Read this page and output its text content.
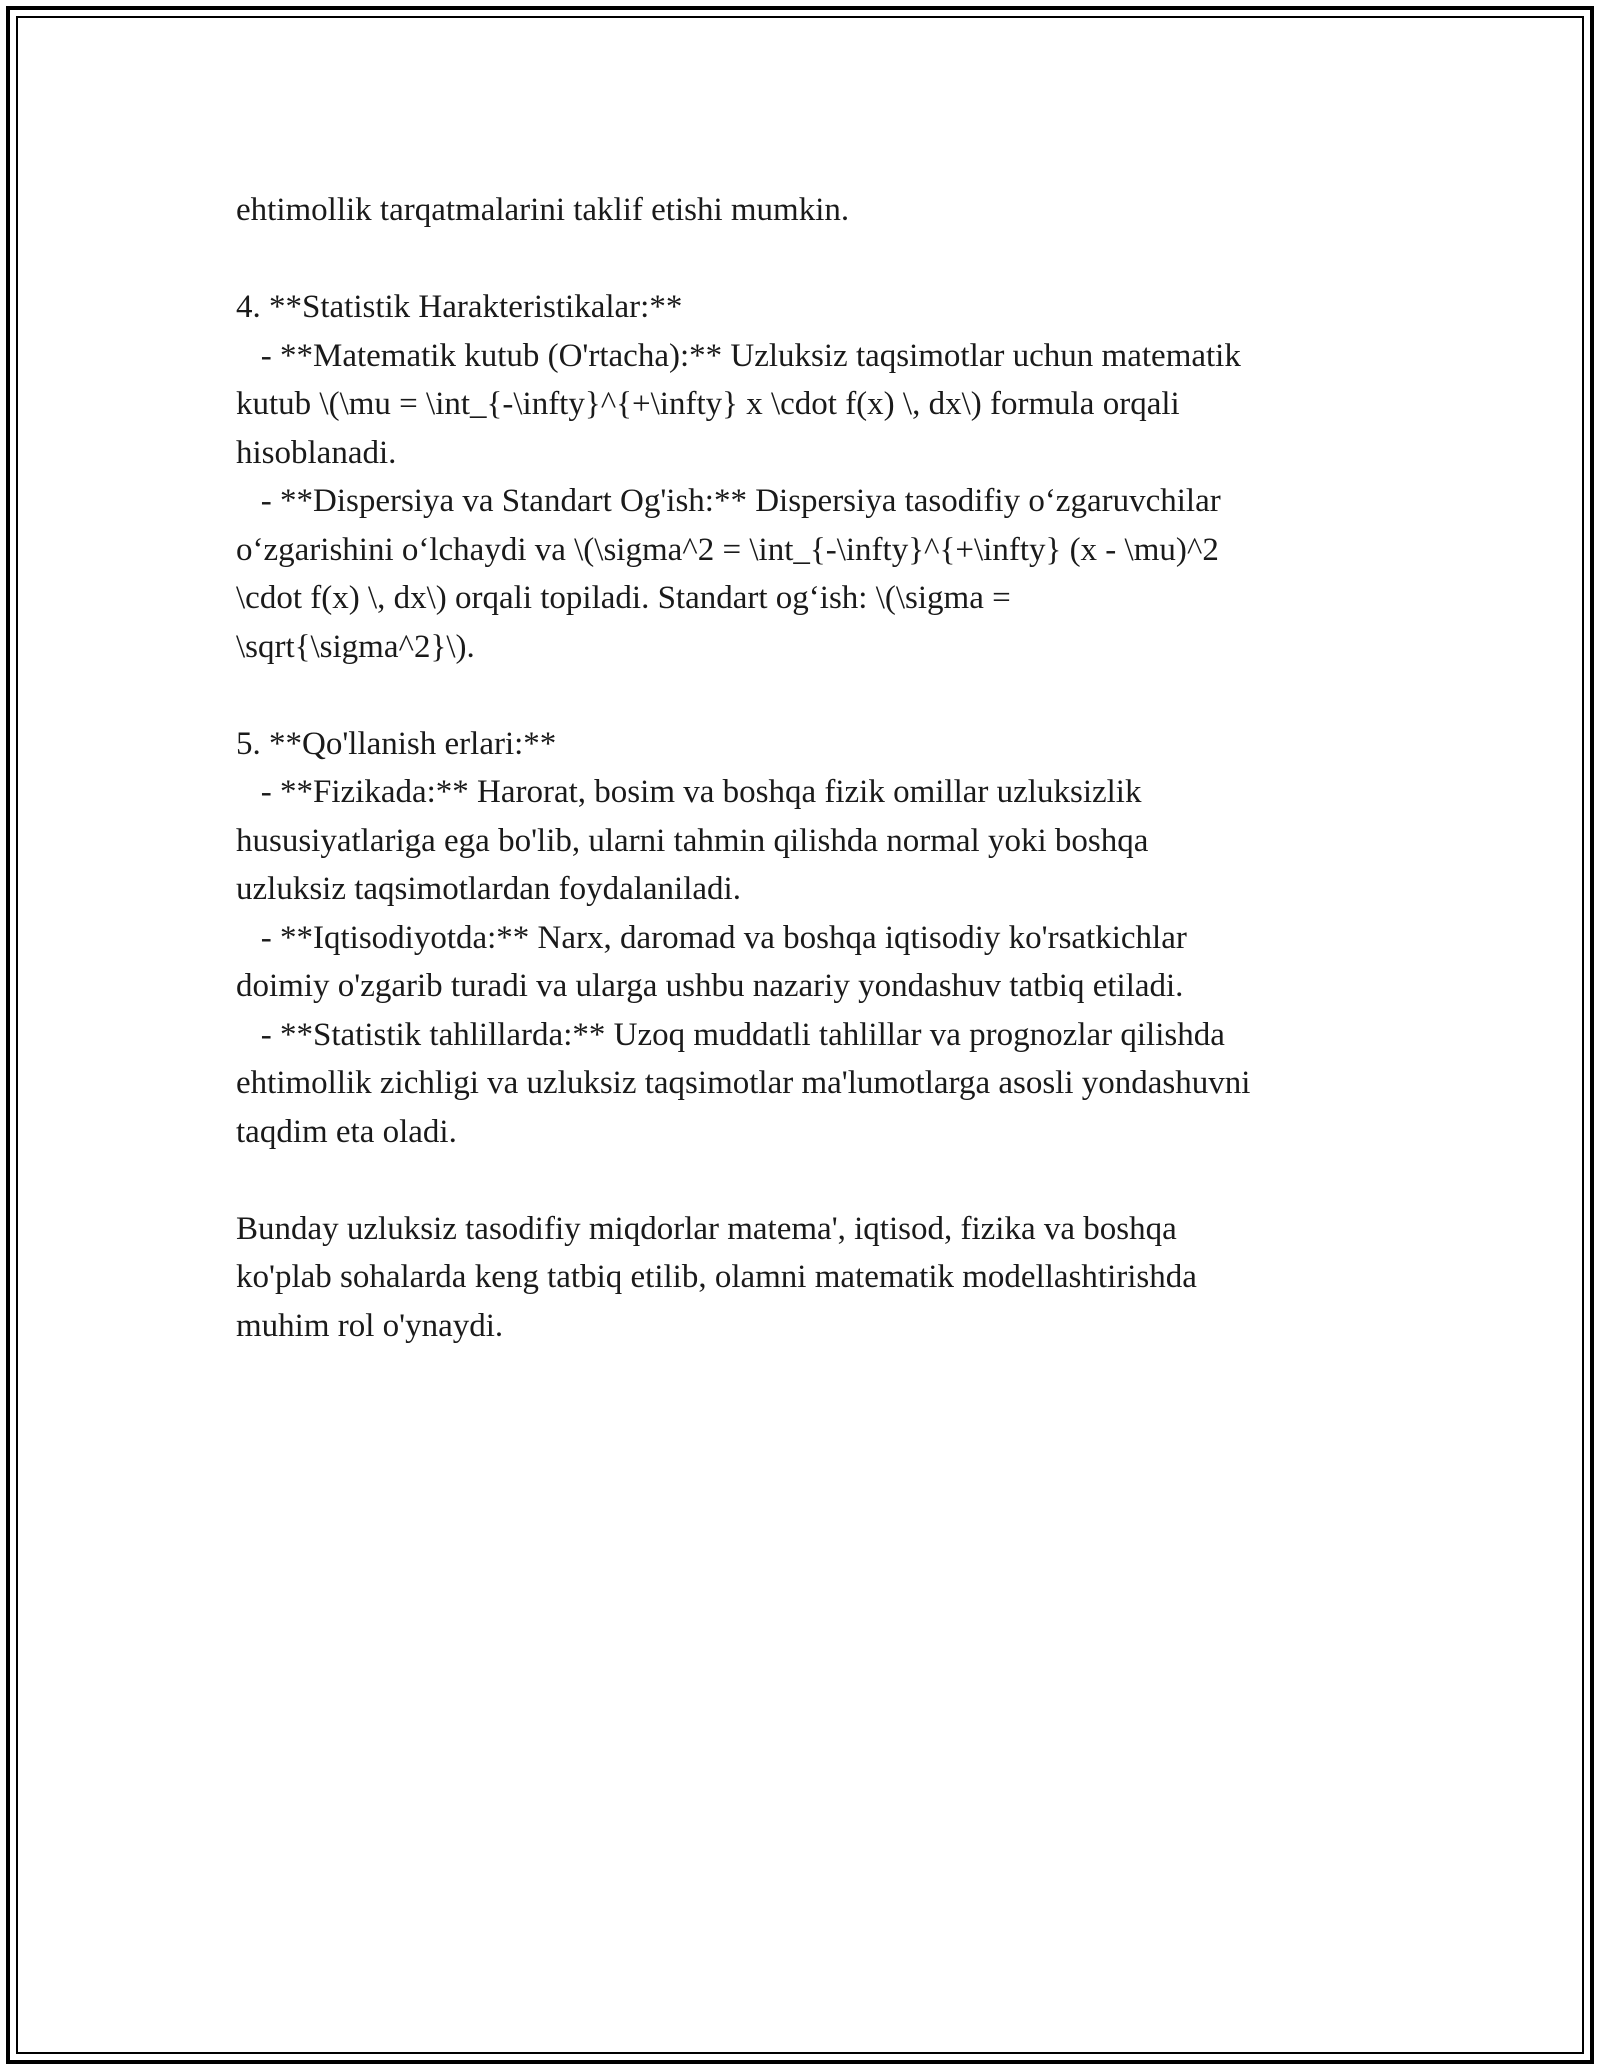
ehtimollik tarqatmalarini taklif etishi mumkin.
4. **Statistik Harakteristikalar:**
- **Matematik kutub (O'rtacha):** Uzluksiz taqsimotlar uchun matematik
kutub \(\mu = \int_{-\infty}^{+\infty} x \cdot f(x) \, dx\) formula orqali
hisoblanadi.
- **Dispersiya va Standart Og'ish:** Dispersiya tasodifiy o‘zgaruvchilar
o‘zgarishini o‘lchaydi va \(\sigma^2 = \int_{-\infty}^{+\infty} (x - \mu)^2
\cdot f(x) \, dx\) orqali topiladi. Standart og‘ish: \(\sigma =
\sqrt{\sigma^2}\).
5. **Qo'llanish erlari:**
- **Fizikada:** Harorat, bosim va boshqa fizik omillar uzluksizlik
hususiyatlariga ega bo'lib, ularni tahmin qilishda normal yoki boshqa
uzluksiz taqsimotlardan foydalaniladi.
- **Iqtisodiyotda:** Narx, daromad va boshqa iqtisodiy ko'rsatkichlar
doimiy o'zgarib turadi va ularga ushbu nazariy yondashuv tatbiq etiladi.
- **Statistik tahlillarda:** Uzoq muddatli tahlillar va prognozlar qilishda
ehtimollik zichligi va uzluksiz taqsimotlar ma'lumotlarga asosli yondashuvni
taqdim eta oladi.
Bunday uzluksiz tasodifiy miqdorlar matema', iqtisod, fizika va boshqa
ko'plab sohalarda keng tatbiq etilib, olamni matematik modellashtirishda
muhim rol o'ynaydi.
